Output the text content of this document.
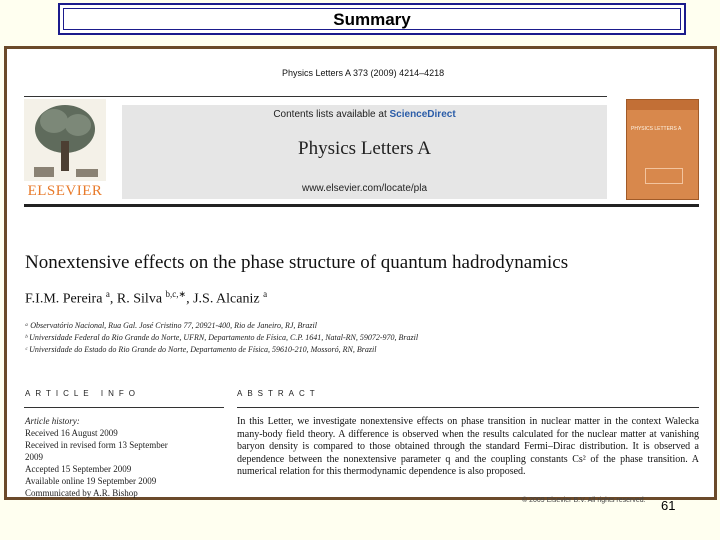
Summary
Physics Letters A 373 (2009) 4214–4218
ELSEVIER
Contents lists available at ScienceDirect
Physics Letters A
www.elsevier.com/locate/pla
PHYSICS LETTERS A
Nonextensive effects on the phase structure of quantum hadrodynamics
F.I.M. Pereira $^a$, R. Silva $^{b,c,∗}$, J.S. Alcaniz $^a$
ᵃ Observatório Nacional, Rua Gal. José Cristino 77, 20921-400, Rio de Janeiro, RJ, Brazil
ᵇ Universidade Federal do Rio Grande do Norte, UFRN, Departamento de Física, C.P. 1641, Natal-RN, 59072-970, Brazil
ᶜ Universidade do Estado do Rio Grande do Norte, Departamento de Física, 59610-210, Mossoró, RN, Brazil
ARTICLE INFO	ABSTRACT
Article history:
Received 16 August 2009
Received in revised form 13 September
2009
Accepted 15 September 2009
Available online 19 September 2009
Communicated by A.R. Bishop
In this Letter, we investigate nonextensive effects on phase transition in nuclear matter in the context Walecka many-body field theory. A difference is observed when the results calculated for the nuclear matter at vanishing baryon density is compared to those obtained through the standard Fermi–Dirac distribution. It is observed a dependence between the nonextensive parameter q and the coupling constants Cs² of the phase transition. A numerical relation for this thermodynamic dependence is also proposed.
© 2009 Elsevier B.V. All rights reserved. 61
